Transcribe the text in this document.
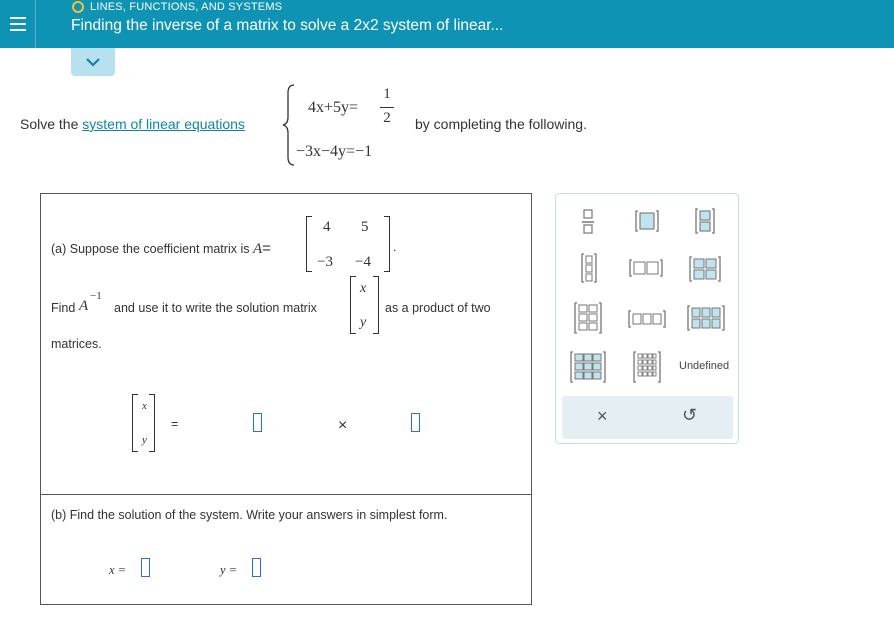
LINES, FUNCTIONS, AND SYSTEMS
Finding the inverse of a matrix to solve a 2x2 system of linear...
Solve the system of linear equations
4x+5y=
1
2
−3x−4y=−1
by completing the following.
(a) Suppose the coefficient matrix is A=
4 5
−3 −4
.
Find A
−1
and use it to write the solution matrix
x
y
as a product of two
matrices.
x
y
=	×
(b) Find the solution of the system. Write your answers in simplest form.
x =	y =
Undefined
×	↺
